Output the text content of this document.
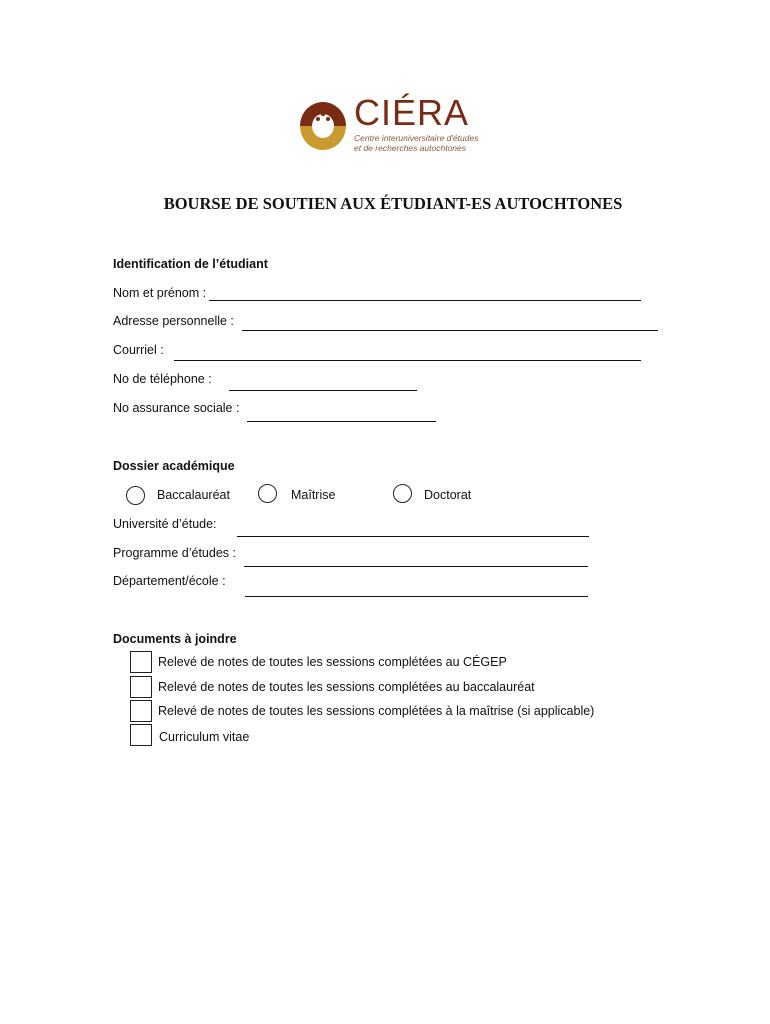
CIÉRA
Centre interuniversitaire d'études
et de recherches autochtones
BOURSE DE SOUTIEN AUX ÉTUDIANT-ES AUTOCHTONES
Identification de l’étudiant
Nom et prénom :
Adresse personnelle :
Courriel :
No de téléphone :
No assurance sociale :
Dossier académique
Baccalauréat	Maîtrise	Doctorat
Université d’étude:
Programme d’études :
Département/école :
Documents à joindre
Relevé de notes de toutes les sessions complétées au CÉGEP
Relevé de notes de toutes les sessions complétées au baccalauréat
Relevé de notes de toutes les sessions complétées à la maîtrise (si applicable)
Curriculum vitae
